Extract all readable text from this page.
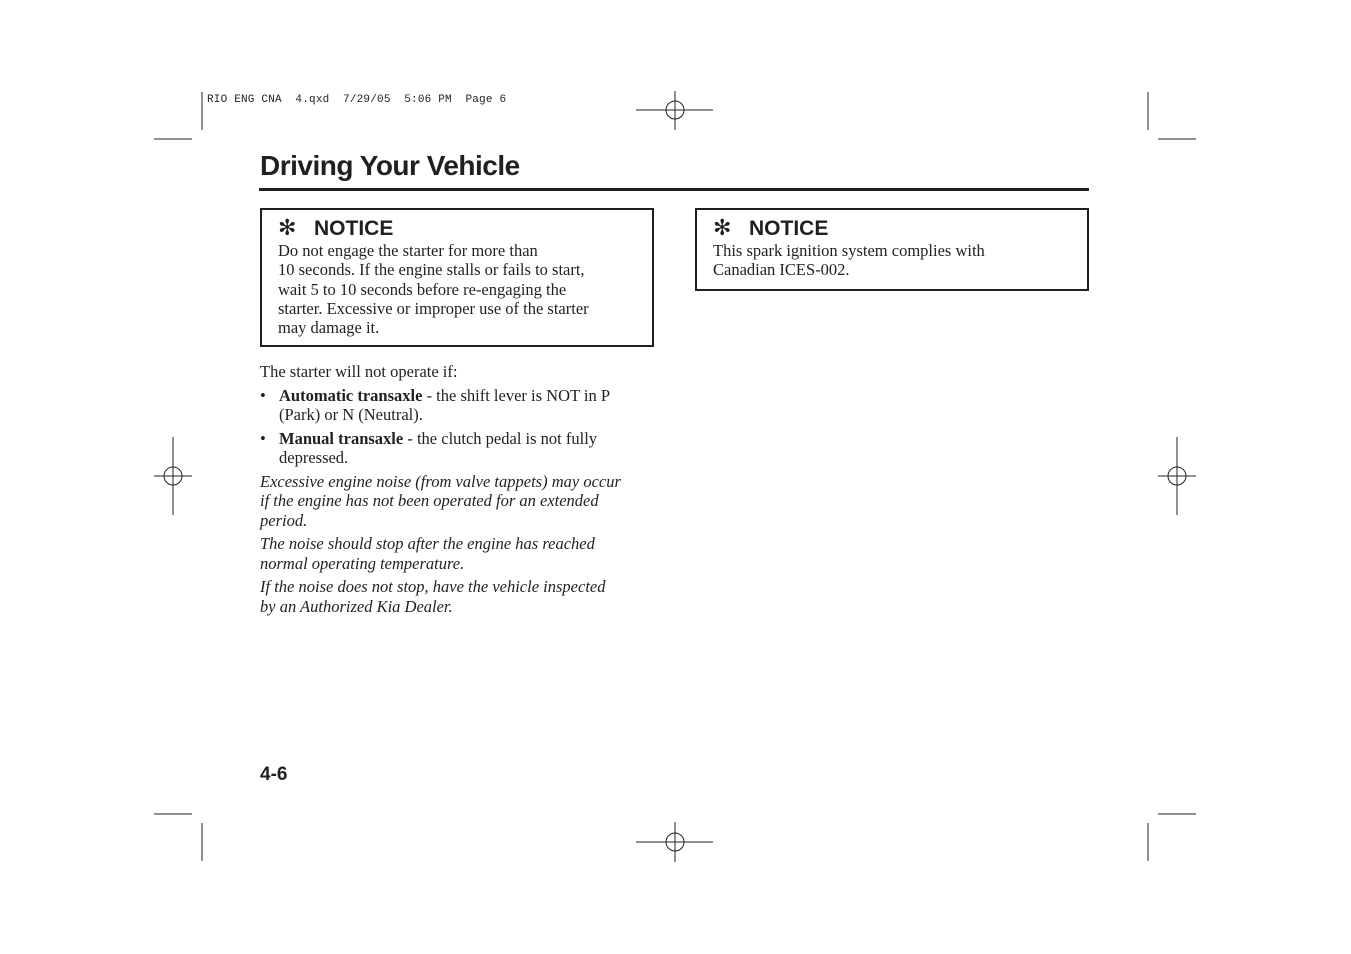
RIO ENG CNA  4.qxd  7/29/05  5:06 PM  Page 6
Driving Your Vehicle
✻ NOTICE
Do not engage the starter for more than
10 seconds. If the engine stalls or fails to start,
wait 5 to 10 seconds before re-engaging the
starter. Excessive or improper use of the starter
may damage it.
✻ NOTICE
This spark ignition system complies with
Canadian ICES-002.
The starter will not operate if:
• Automatic transaxle - the shift lever is NOT in P
(Park) or N (Neutral).
• Manual transaxle - the clutch pedal is not fully
depressed.
Excessive engine noise (from valve tappets) may occur
if the engine has not been operated for an extended
period.
The noise should stop after the engine has reached
normal operating temperature.
If the noise does not stop, have the vehicle inspected
by an Authorized Kia Dealer.
4-6
